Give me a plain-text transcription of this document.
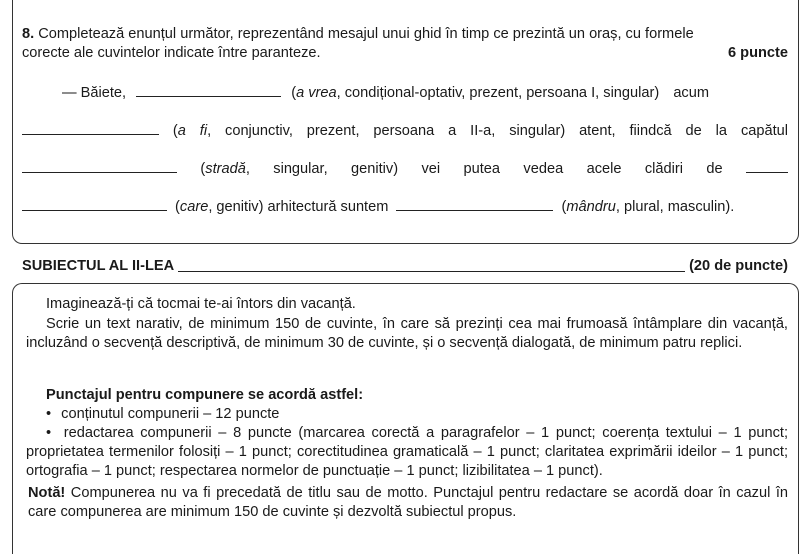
8. Completează enunțul următor, reprezentând mesajul unui ghid în timp ce prezintă un oraș, cu formele
corecte ale cuvintelor indicate între paranteze.	6 puncte
— Băiete,	(a vrea, condițional-optativ, prezent, persoana I, singular) acum
(a fi, conjunctiv, prezent, persoana a II-a, singular) atent, fiindcă de la capătul
(stradă, singular, genitiv) vei putea vedea acele clădiri de
(care, genitiv) arhitectură suntem	(mândru, plural, masculin).
SUBIECTUL AL II-LEA	(20 de puncte)
Imaginează-ți că tocmai te-ai întors din vacanță.
Scrie un text narativ, de minimum 150 de cuvinte, în care să prezinți cea mai frumoasă întâmplare din vacanță, incluzând o secvență descriptivă, de minimum 30 de cuvinte, și o secvență dialogată, de minimum patru replici.
Punctajul pentru compunere se acordă astfel:
• conținutul compunerii – 12 puncte
• redactarea compunerii – 8 puncte (marcarea corectă a paragrafelor – 1 punct; coerența textului – 1 punct; proprietatea termenilor folosiți – 1 punct; corectitudinea gramaticală – 1 punct; claritatea exprimării ideilor – 1 punct; ortografia – 1 punct; respectarea normelor de punctuație – 1 punct; lizibilitatea – 1 punct).
Notă! Compunerea nu va fi precedată de titlu sau de motto. Punctajul pentru redactare se acordă doar în cazul în care compunerea are minimum 150 de cuvinte și dezvoltă subiectul propus.
